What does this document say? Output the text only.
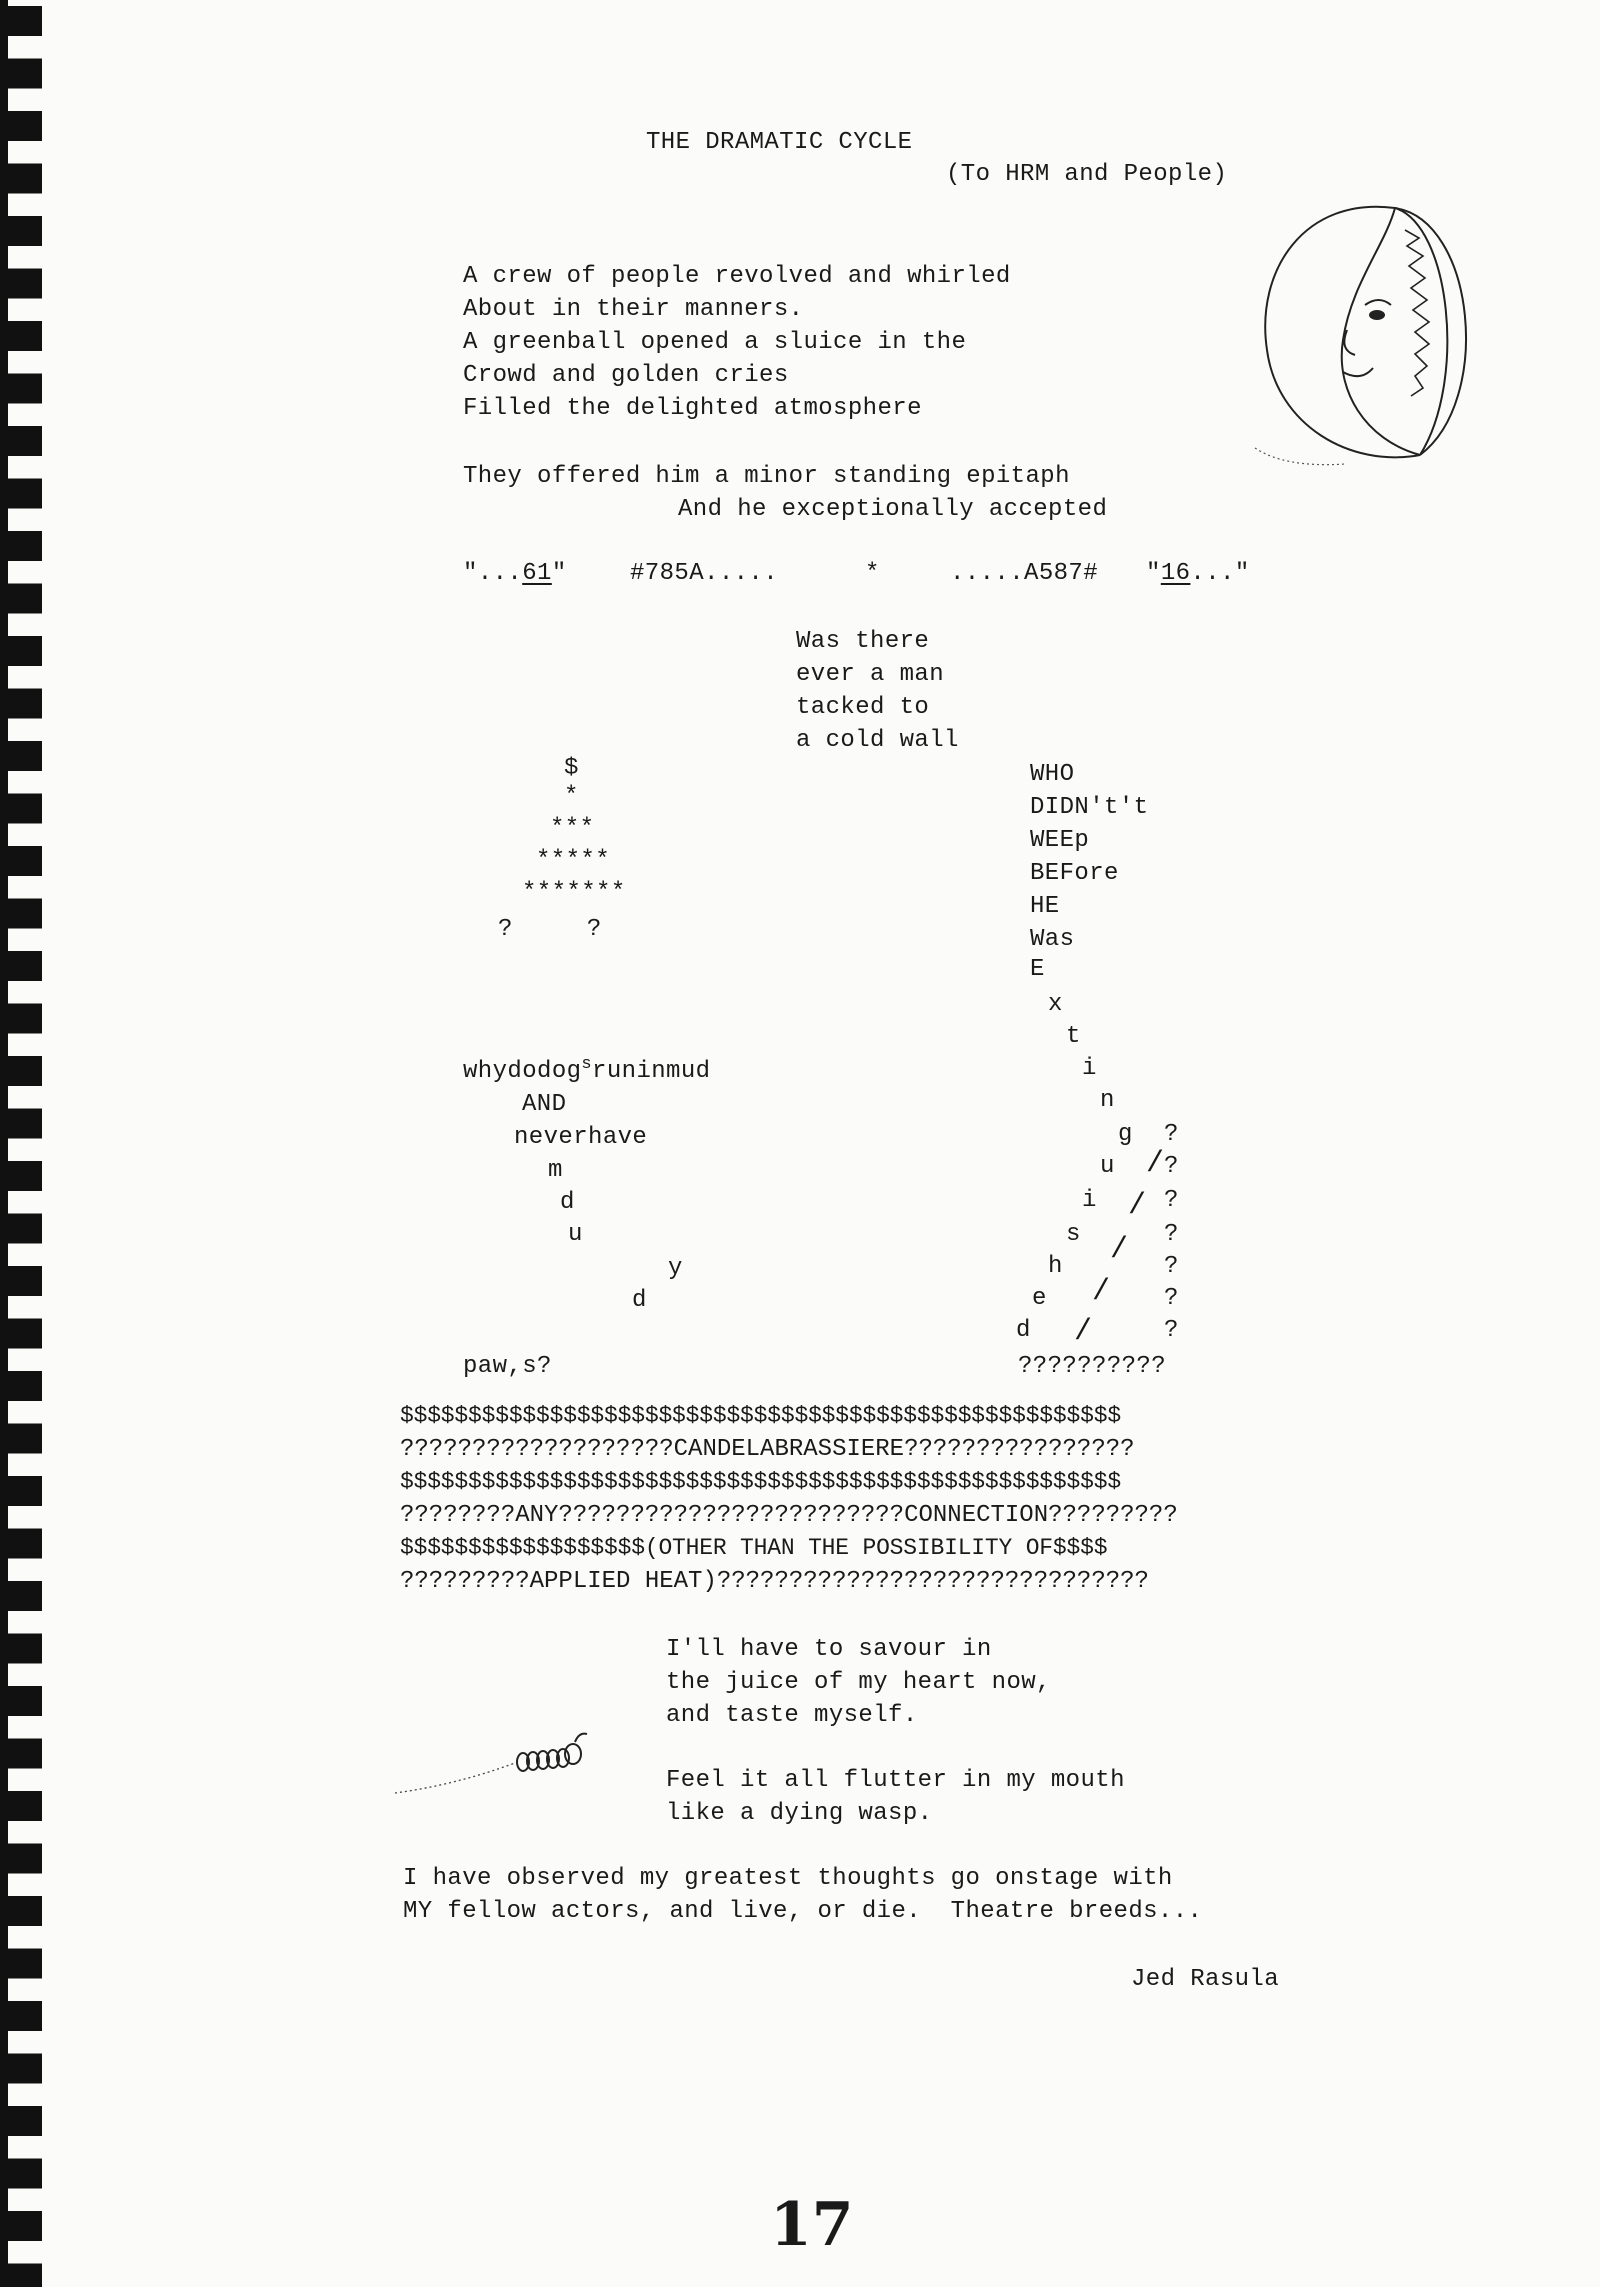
THE DRAMATIC CYCLE
(To HRM and People)
A crew of people revolved and whirled
About in their manners.
A greenball opened a sluice in the
Crowd and golden cries
Filled the delighted atmosphere
They offered him a minor standing epitaph
And he exceptionally accepted
"...61"	#785A.....	*	.....A587# "16..."
Was there
ever a man
tacked to
a cold wall
$
*
***
*****
*******
?     ?
WHO
DIDN't't
WEEp
BEFore
HE
Was
E
x
t
i
n
g
u
i
s
h
e
d
whydodog$^s$runinmud
AND
neverhave
m
d
u
y
d
paw,s?
?
?
?
?
?
?
?
/
/
/
/
/
??????????
$$$$$$$$$$$$$$$$$$$$$$$$$$$$$$$$$$$$$$$$$$$$$$$$$$$$$
???????????????????CANDELABRASSIERE????????????????
$$$$$$$$$$$$$$$$$$$$$$$$$$$$$$$$$$$$$$$$$$$$$$$$$$$$$
????????ANY????????????????????????CONNECTION?????????
$$$$$$$$$$$$$$$$$$(OTHER THAN THE POSSIBILITY OF$$$$
?????????APPLIED HEAT)??????????????????????????????
I'll have to savour in
the juice of my heart now,
and taste myself.
Feel it all flutter in my mouth
like a dying wasp.
I have observed my greatest thoughts go onstage with
MY fellow actors, and live, or die.  Theatre breeds...
Jed Rasula
17
